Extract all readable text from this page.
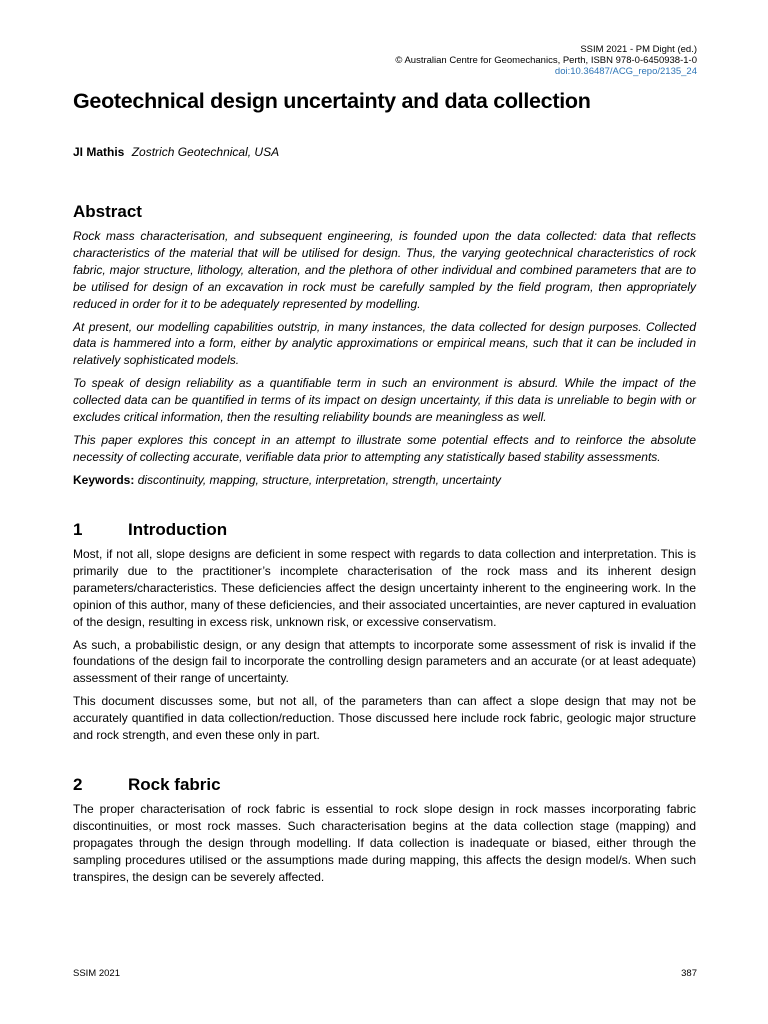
SSIM 2021 - PM Dight (ed.)
© Australian Centre for Geomechanics, Perth, ISBN 978-0-6450938-1-0
doi:10.36487/ACG_repo/2135_24
Geotechnical design uncertainty and data collection
JI Mathis Zostrich Geotechnical, USA
Abstract

Rock mass characterisation, and subsequent engineering, is founded upon the data collected: data that reflects characteristics of the material that will be utilised for design. Thus, the varying geotechnical characteristics of rock fabric, major structure, lithology, alteration, and the plethora of other individual and combined parameters that are to be utilised for design of an excavation in rock must be carefully sampled by the field program, then appropriately reduced in order for it to be adequately represented by modelling.

At present, our modelling capabilities outstrip, in many instances, the data collected for design purposes. Collected data is hammered into a form, either by analytic approximations or empirical means, such that it can be included in relatively sophisticated models.

To speak of design reliability as a quantifiable term in such an environment is absurd. While the impact of the collected data can be quantified in terms of its impact on design uncertainty, if this data is unreliable to begin with or excludes critical information, then the resulting reliability bounds are meaningless as well.

This paper explores this concept in an attempt to illustrate some potential effects and to reinforce the absolute necessity of collecting accurate, verifiable data prior to attempting any statistically based stability assessments.

Keywords: discontinuity, mapping, structure, interpretation, strength, uncertainty
1	Introduction

Most, if not all, slope designs are deficient in some respect with regards to data collection and interpretation. This is primarily due to the practitioner’s incomplete characterisation of the rock mass and its inherent design parameters/characteristics. These deficiencies affect the design uncertainty inherent to the engineering work. In the opinion of this author, many of these deficiencies, and their associated uncertainties, are never captured in evaluation of the design, resulting in excess risk, unknown risk, or excessive conservatism.

As such, a probabilistic design, or any design that attempts to incorporate some assessment of risk is invalid if the foundations of the design fail to incorporate the controlling design parameters and an accurate (or at least adequate) assessment of their range of uncertainty.

This document discusses some, but not all, of the parameters than can affect a slope design that may not be accurately quantified in data collection/reduction. Those discussed here include rock fabric, geologic major structure and rock strength, and even these only in part.

2	Rock fabric

The proper characterisation of rock fabric is essential to rock slope design in rock masses incorporating fabric discontinuities, or most rock masses. Such characterisation begins at the data collection stage (mapping) and propagates through the design through modelling. If data collection is inadequate or biased, either through the sampling procedures utilised or the assumptions made during mapping, this affects the design model/s. When such transpires, the design can be severely affected.

SSIM 2021	387
